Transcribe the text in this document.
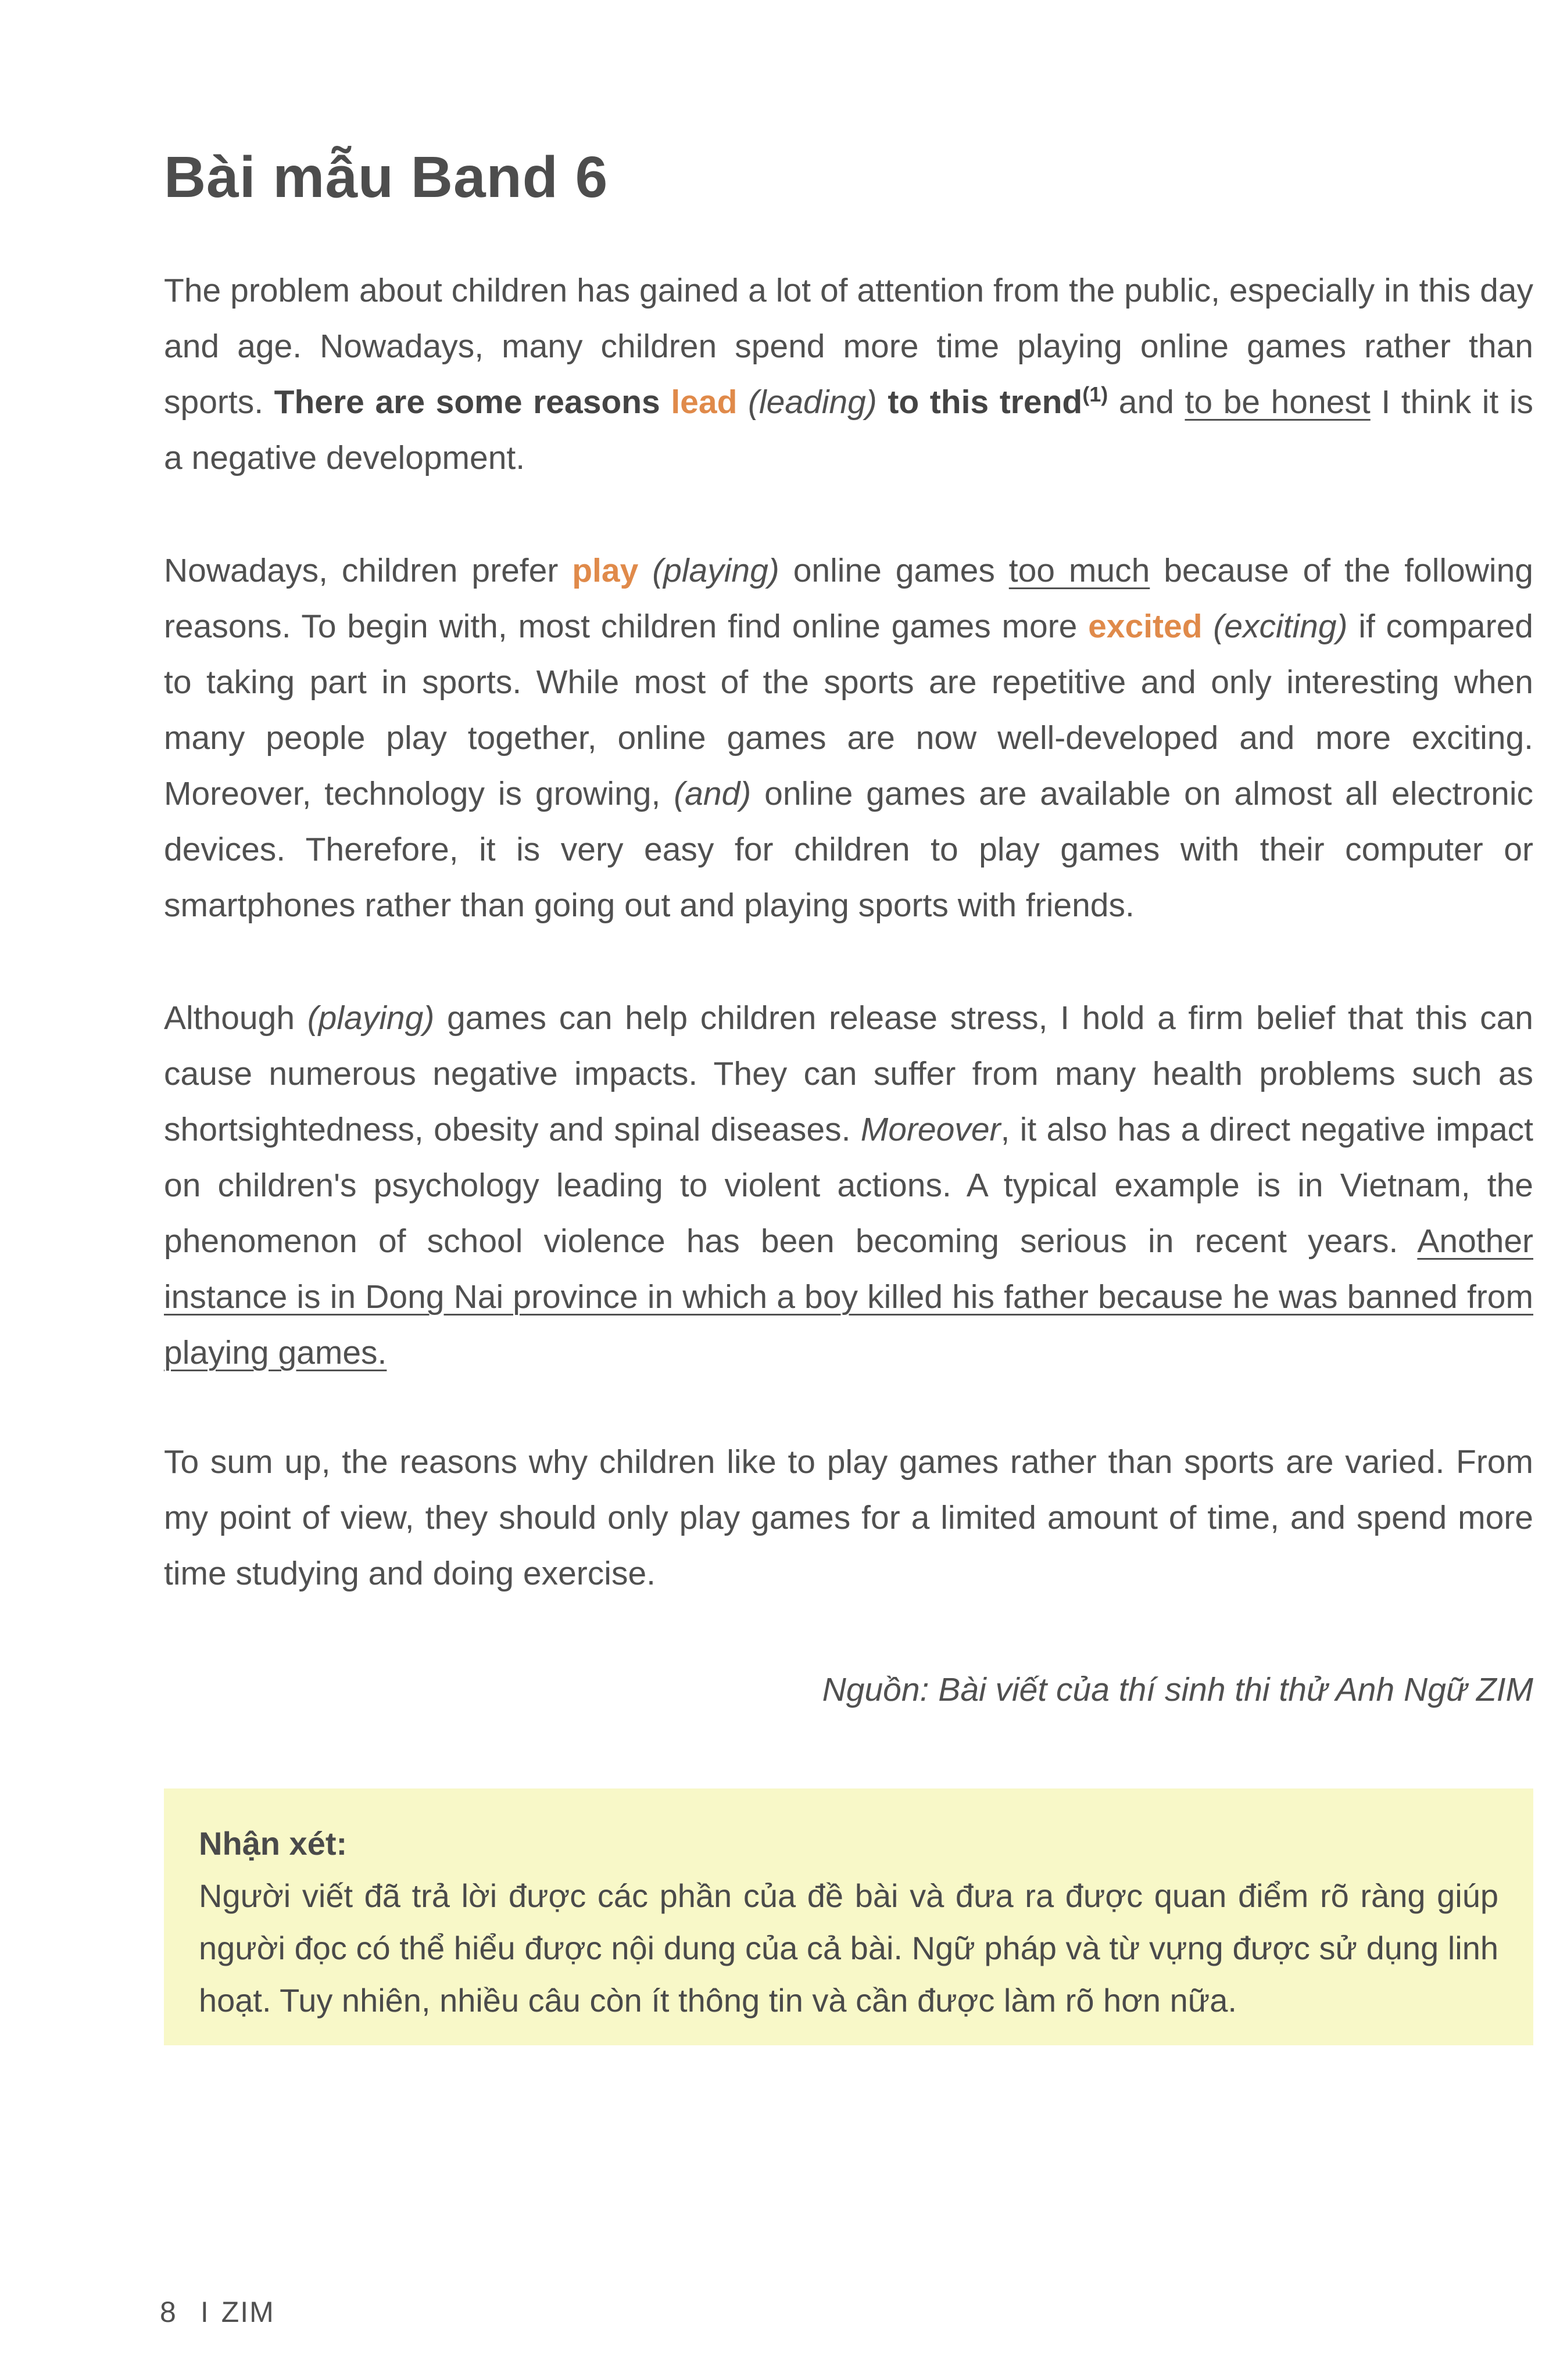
Bài mẫu Band 6

The problem about children has gained a lot of attention from the public, especially in this day and age. Nowadays, many children spend more time playing online games rather than sports. There are some reasons lead (leading) to this trend$^{(1)}$ and to be honest I think it is a negative development.

Nowadays, children prefer play (playing) online games too much because of the following reasons. To begin with, most children find online games more excited (exciting) if compared to taking part in sports. While most of the sports are repetitive and only interesting when many people play together, online games are now well-developed and more exciting. Moreover, technology is growing, (and) online games are available on almost all electronic devices. Therefore, it is very easy for children to play games with their computer or smartphones rather than going out and playing sports with friends.

Although (playing) games can help children release stress, I hold a firm belief that this can cause numerous negative impacts. They can suffer from many health problems such as shortsightedness, obesity and spinal diseases. Moreover, it also has a direct negative impact on children's psychology leading to violent actions. A typical example is in Vietnam, the phenomenon of school violence has been becoming serious in recent years. Another instance is in Dong Nai province in which a boy killed his father because he was banned from playing games.

To sum up, the reasons why children like to play games rather than sports are varied. From my point of view, they should only play games for a limited amount of time, and spend more time studying and doing exercise.

Nguồn: Bài viết của thí sinh thi thử Anh Ngữ ZIM

Nhận xét:

Người viết đã trả lời được các phần của đề bài và đưa ra được quan điểm rõ ràng giúp người đọc có thể hiểu được nội dung của cả bài. Ngữ pháp và từ vựng được sử dụng linh hoạt. Tuy nhiên, nhiều câu còn ít thông tin và cần được làm rõ hơn nữa.

8 I ZIM
